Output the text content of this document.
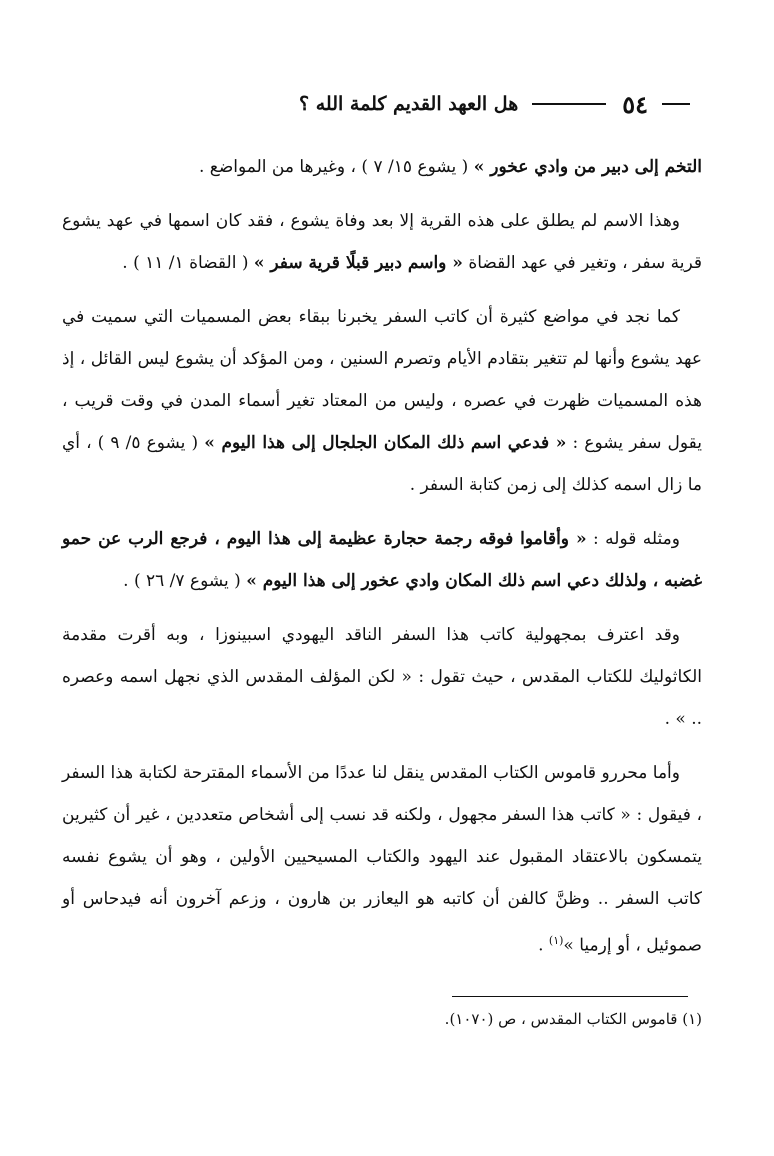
٥٤
هل العهد القديم كلمة الله ؟

التخم إلى دبير من وادي عخور » ( يشوع ١٥/ ٧ ) ، وغيرها من المواضع .

وهذا الاسم لم يطلق على هذه القرية إلا بعد وفاة يشوع ، فقد كان اسمها في عهد يشوع قرية سفر ، وتغير في عهد القضاة « واسم دبير قبلًا قرية سفر » ( القضاة ١/ ١١ ) .

كما نجد في مواضع كثيرة أن كاتب السفر يخبرنا ببقاء بعض المسميات التي سميت في عهد يشوع وأنها لم تتغير بتقادم الأيام وتصرم السنين ، ومن المؤكد أن يشوع ليس القائل ، إذ هذه المسميات ظهرت في عصره ، وليس من المعتاد تغير أسماء المدن في وقت قريب ، يقول سفر يشوع : « فدعي اسم ذلك المكان الجلجال إلى هذا اليوم » ( يشوع ٥/ ٩ ) ، أي ما زال اسمه كذلك إلى زمن كتابة السفر .

ومثله قوله : « وأقاموا فوقه رجمة حجارة عظيمة إلى هذا اليوم ، فرجع الرب عن حمو غضبه ، ولذلك دعي اسم ذلك المكان وادي عخور إلى هذا اليوم » ( يشوع ٧/ ٢٦ ) .

وقد اعترف بمجهولية كاتب هذا السفر الناقد اليهودي اسبينوزا ، وبه أقرت مقدمة الكاثوليك للكتاب المقدس ، حيث تقول : « لكن المؤلف المقدس الذي نجهل اسمه وعصره .. » .

وأما محررو قاموس الكتاب المقدس ينقل لنا عددًا من الأسماء المقترحة لكتابة هذا السفر ، فيقول : « كاتب هذا السفر مجهول ، ولكنه قد نسب إلى أشخاص متعددين ، غير أن كثيرين يتمسكون بالاعتقاد المقبول عند اليهود والكتاب المسيحيين الأولين ، وهو أن يشوع نفسه كاتب السفر .. وظنَّ كالفن أن كاتبه هو اليعازر بن هارون ، وزعم آخرون أنه فيدحاس أو صموئيل ، أو إرميا »$^{(١)}$ .

(١) قاموس الكتاب المقدس ، ص (١٠٧٠).
